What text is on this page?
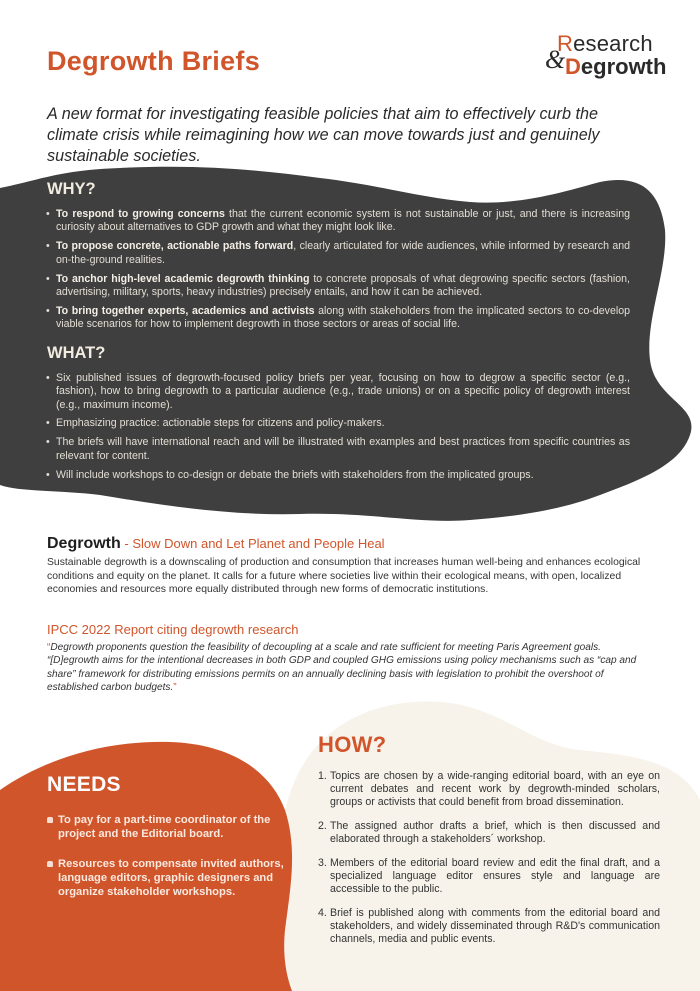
Degrowth Briefs
Research
& Degrowth

A new format for investigating feasible policies that aim to effectively curb the climate crisis while reimagining how we can move towards just and genuinely sustainable societies.

WHY?
• To respond to growing concerns that the current economic system is not sustainable or just, and there is increasing curiosity about alternatives to GDP growth and what they might look like.
• To propose concrete, actionable paths forward, clearly articulated for wide audiences, while informed by research and on-the-ground realities.
• To anchor high-level academic degrowth thinking to concrete proposals of what degrowing specific sectors (fashion, advertising, military, sports, heavy industries) precisely entails, and how it can be achieved.
• To bring together experts, academics and activists along with stakeholders from the implicated sectors to co-develop viable scenarios for how to implement degrowth in those sectors or areas of social life.
WHAT?
• Six published issues of degrowth-focused policy briefs per year, focusing on how to degrow a specific sector (e.g., fashion), how to bring degrowth to a particular audience (e.g., trade unions) or on a specific policy of degrowth interest (e.g., maximum income).
• Emphasizing practice: actionable steps for citizens and policy-makers.
• The briefs will have international reach and will be illustrated with examples and best practices from specific countries as relevant for content.
• Will include workshops to co-design or debate the briefs with stakeholders from the implicated groups.
Degrowth - Slow Down and Let Planet and People Heal

Sustainable degrowth is a downscaling of production and consumption that increases human well-being and enhances ecological conditions and equity on the planet. It calls for a future where societies live within their ecological means, with open, localized economies and resources more equally distributed through new forms of democratic institutions.

IPCC 2022 Report citing degrowth research

“Degrowth proponents question the feasibility of decoupling at a scale and rate sufficient for meeting Paris Agreement goals. “[D]egrowth aims for the intentional decreases in both GDP and coupled GHG emissions using policy mechanisms such as “cap and share” framework for distributing emissions permits on an annually declining basis with legislation to prohibit the overshoot of established carbon budgets.”

NEEDS
To pay for a part-time coordinator of the project and the Editorial board.
Resources to compensate invited authors, language editors, graphic designers and organize stakeholder workshops.
HOW?
1. Topics are chosen by a wide-ranging editorial board, with an eye on current debates and recent work by degrowth-minded scholars, groups or activists that could benefit from broad dissemination.
2. The assigned author drafts a brief, which is then discussed and elaborated through a stakeholders´ workshop.
3. Members of the editorial board review and edit the final draft, and a specialized language editor ensures style and language are accessible to the public.
4. Brief is published along with comments from the editorial board and stakeholders, and widely disseminated through R&D's communication channels, media and public events.
